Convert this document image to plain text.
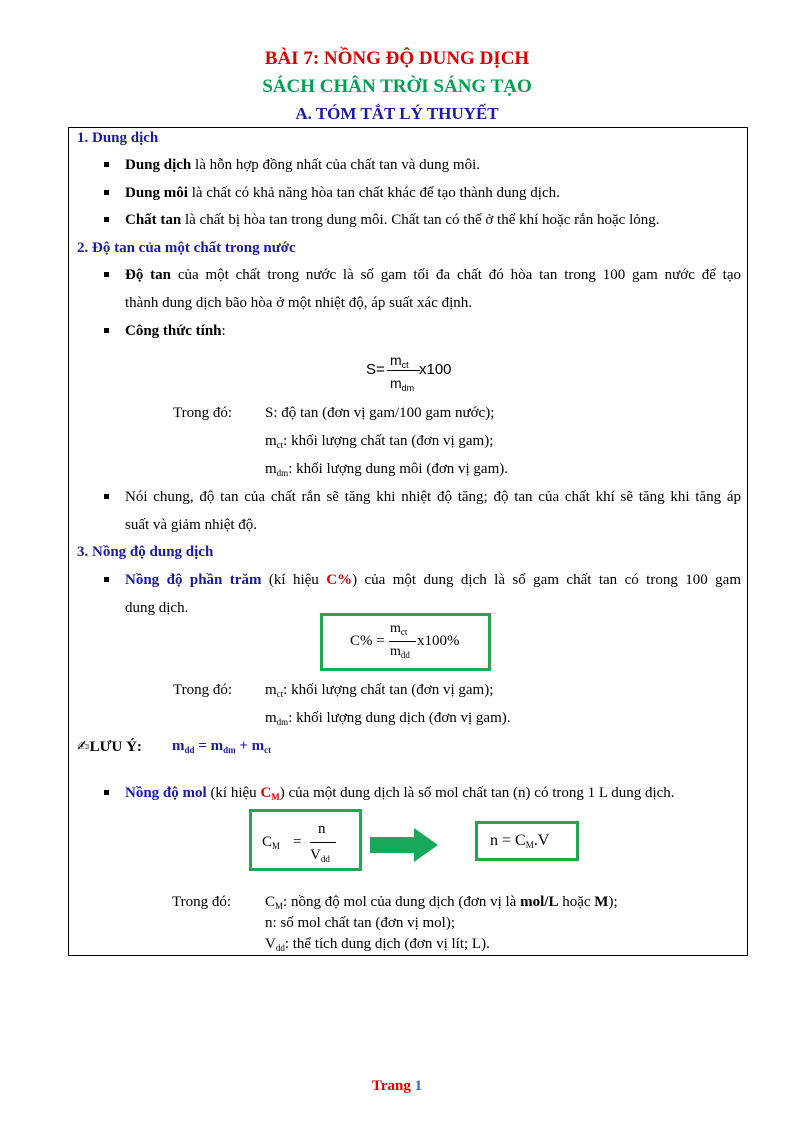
BÀI 7: NỒNG ĐỘ DUNG DỊCH
SÁCH CHÂN TRỜI SÁNG TẠO
A. TÓM TẮT LÝ THUYẾT
1. Dung dịch
Dung dịch là hỗn hợp đồng nhất của chất tan và dung môi.
Dung môi là chất có khả năng hòa tan chất khác để tạo thành dung dịch.
Chất tan là chất bị hòa tan trong dung môi. Chất tan có thể ở thể khí hoặc rắn hoặc lỏng.
2. Độ tan của một chất trong nước
Độ tan của một chất trong nước là số gam tối đa chất đó hòa tan trong 100 gam nước để tạo
thành dung dịch bão hòa ở một nhiệt độ, áp suất xác định.
Công thức tính:
S=
$m_{ct}$
$m_{dm}$
x100
Trong đó: S: độ tan (đơn vị gam/100 gam nước);
$m_{ct}$: khối lượng chất tan (đơn vị gam);
$m_{dm}$: khối lượng dung môi (đơn vị gam).
Nói chung, độ tan của chất rắn sẽ tăng khi nhiệt độ tăng; độ tan của chất khí sẽ tăng khi tăng áp
suất và giảm nhiệt độ.
3. Nồng độ dung dịch
Nồng độ phần trăm (kí hiệu C%) của một dung dịch là số gam chất tan có trong 100 gam
dung dịch.
C% =
$m_{ct}$
$m_{dd}$
x100%
Trong đó: $m_{ct}$: khối lượng chất tan (đơn vị gam);
$m_{dm}$: khối lượng dung dịch (đơn vị gam).
✍LƯU Ý: $m_{dd} = m_{dm} + m_{ct}$
Nồng độ mol (kí hiệu $C_M$) của một dung dịch là số mol chất tan (n) có trong 1 L dung dịch.
$C_M$ =
n
$V_{dd}$
$n = C_M.V$
Trong đó: $C_M$: nồng độ mol của dung dịch (đơn vị là mol/L hoặc M);
n: số mol chất tan (đơn vị mol);
$V_{dd}$: thể tích dung dịch (đơn vị lít; L).
Trang 1
